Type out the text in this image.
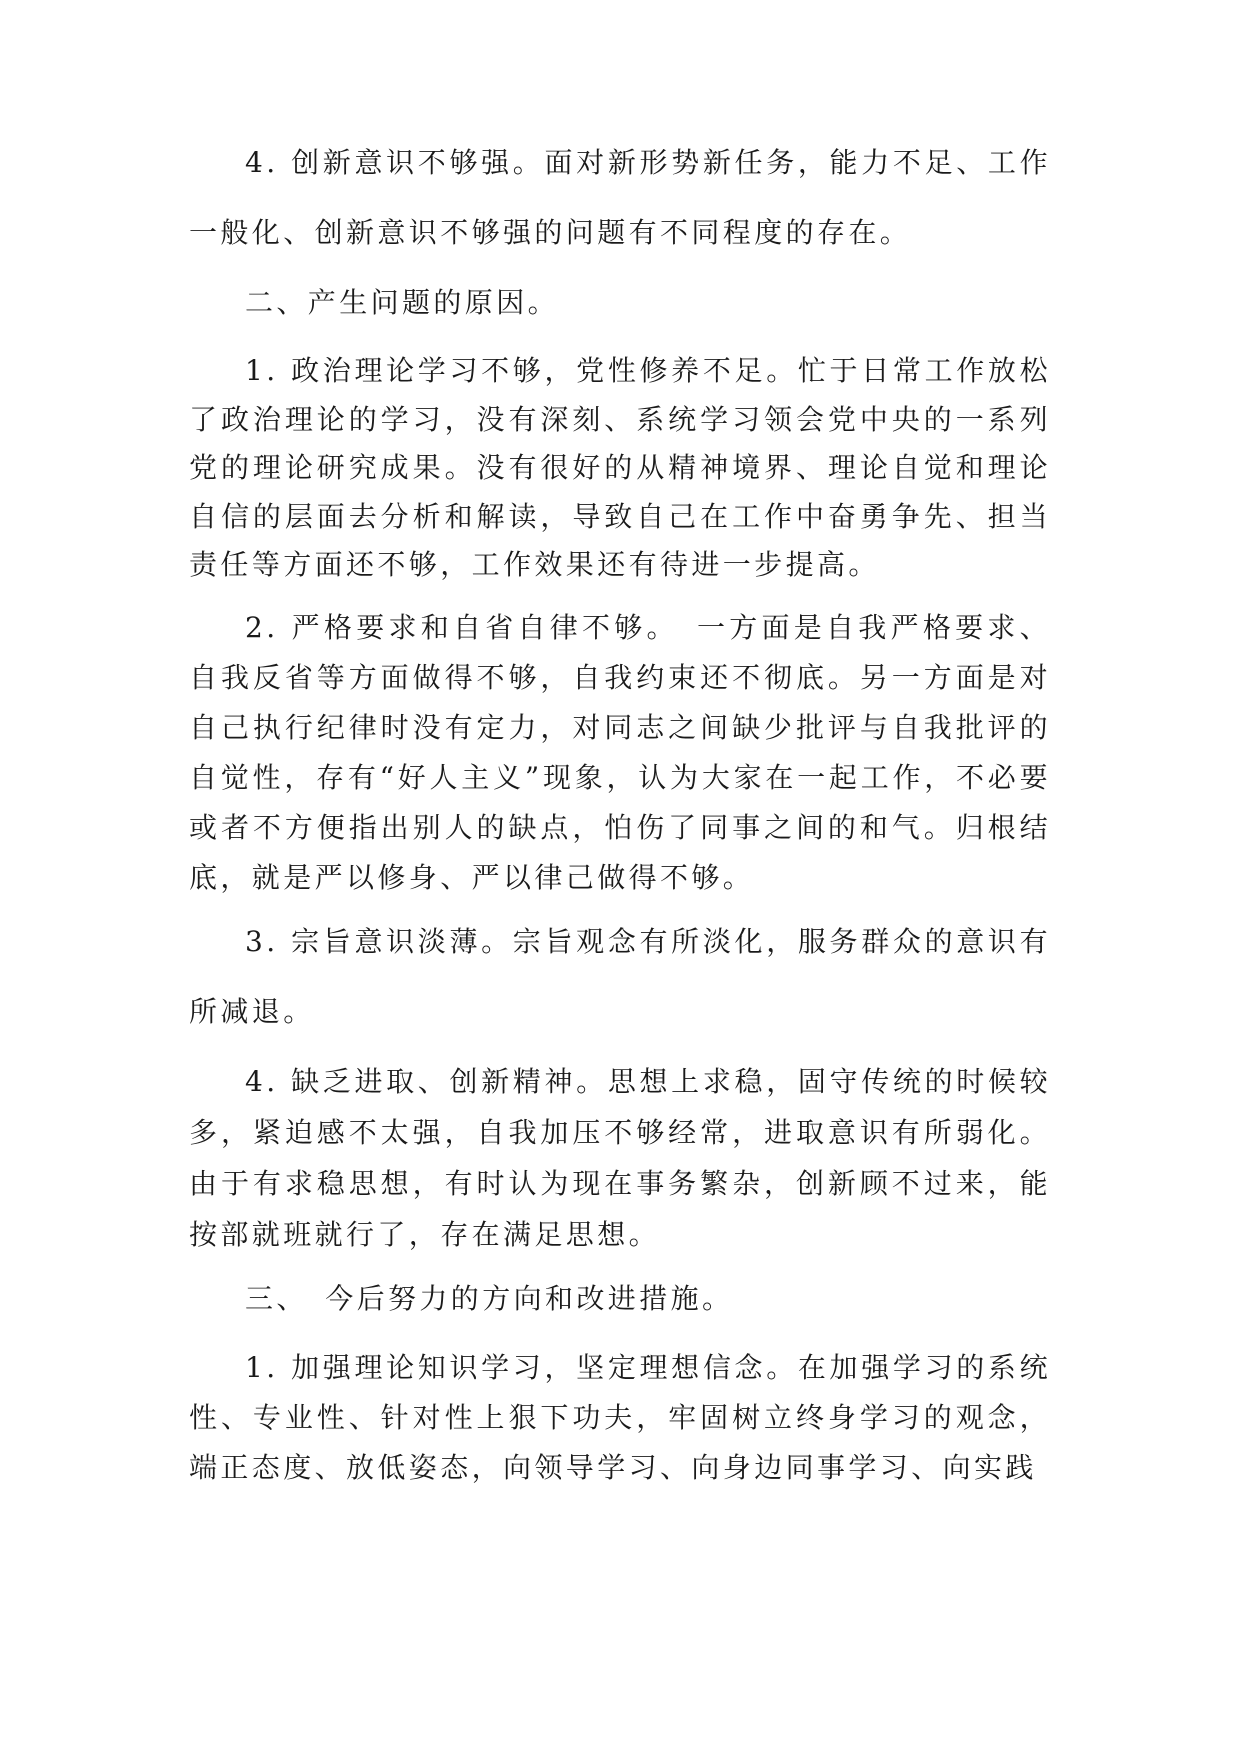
4. 创新意识不够强。面对新形势新任务，能力不足、工作一般化、创新意识不够强的问题有不同程度的存在。

二、产生问题的原因。

1. 政治理论学习不够，党性修养不足。忙于日常工作放松了政治理论的学习，没有深刻、系统学习领会党中央的一系列党的理论研究成果。没有很好的从精神境界、理论自觉和理论自信的层面去分析和解读，导致自己在工作中奋勇争先、担当责任等方面还不够，工作效果还有待进一步提高。

2. 严格要求和自省自律不够。　一方面是自我严格要求、自我反省等方面做得不够，自我约束还不彻底。另一方面是对自己执行纪律时没有定力，对同志之间缺少批评与自我批评的自觉性，存有“好人主义”现象，认为大家在一起工作，不必要或者不方便指出别人的缺点，怕伤了同事之间的和气。归根结底，就是严以修身、严以律己做得不够。

3. 宗旨意识淡薄。宗旨观念有所淡化，服务群众的意识有所减退。

4. 缺乏进取、创新精神。思想上求稳，固守传统的时候较多，紧迫感不太强，自我加压不够经常，进取意识有所弱化。由于有求稳思想，有时认为现在事务繁杂，创新顾不过来，能按部就班就行了，存在满足思想。

三、　今后努力的方向和改进措施。

1. 加强理论知识学习，坚定理想信念。在加强学习的系统性、专业性、针对性上狠下功夫，牢固树立终身学习的观念，端正态度、放低姿态，向领导学习、向身边同事学习、向实践
